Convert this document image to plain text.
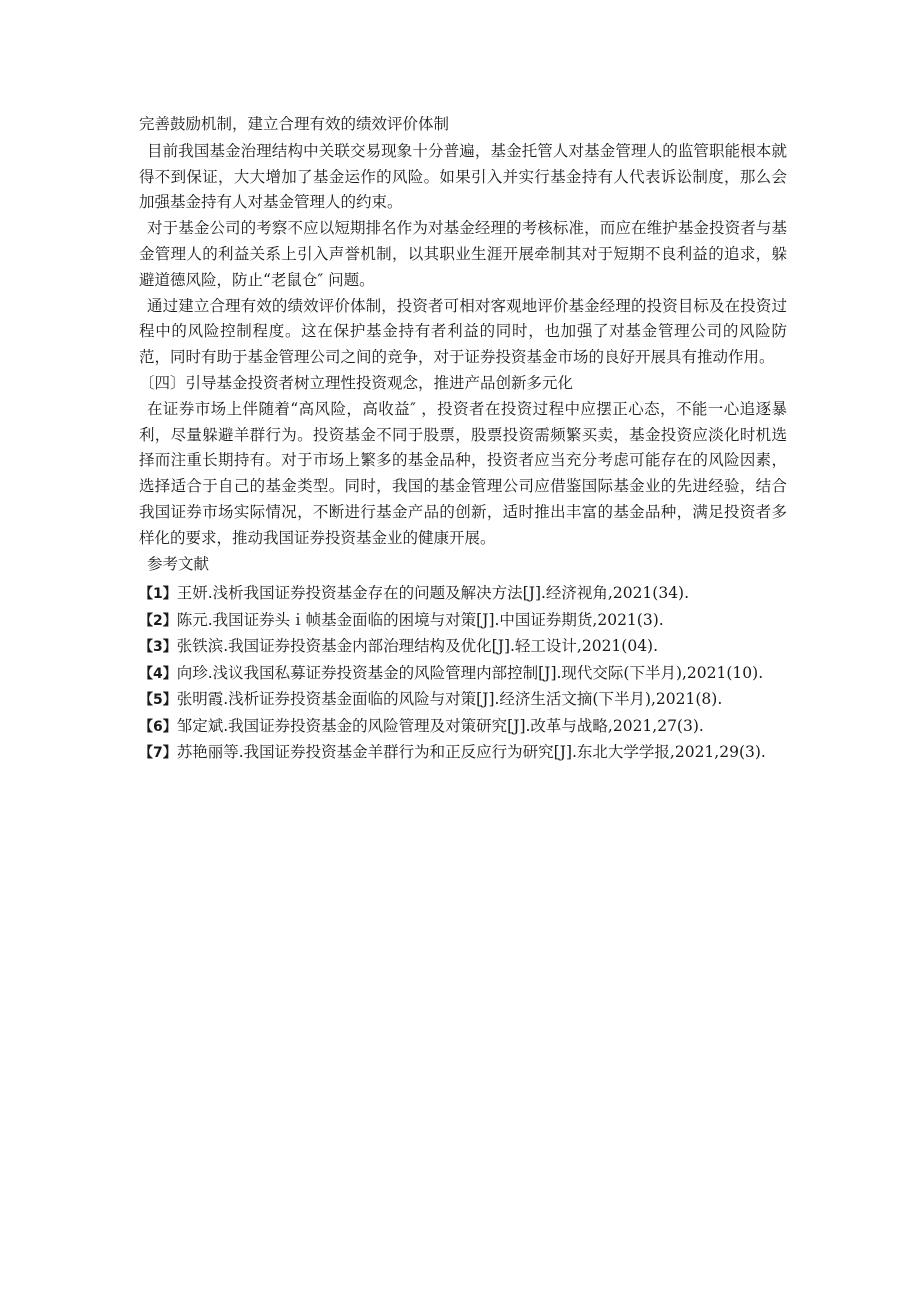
完善鼓励机制，建立合理有效的绩效评价体制

目前我国基金治理结构中关联交易现象十分普遍，基金托管人对基金管理人的监管职能根本就得不到保证，大大增加了基金运作的风险。如果引入并实行基金持有人代表诉讼制度，那么会加强基金持有人对基金管理人的约束。

对于基金公司的考察不应以短期排名作为对基金经理的考核标准，而应在维护基金投资者与基金管理人的利益关系上引入声誉机制，以其职业生涯开展牵制其对于短期不良利益的追求，躲避道德风险，防止“老鼠仓″ 问题。

通过建立合理有效的绩效评价体制，投资者可相对客观地评价基金经理的投资目标及在投资过程中的风险控制程度。这在保护基金持有者利益的同时，也加强了对基金管理公司的风险防范，同时有助于基金管理公司之间的竞争，对于证券投资基金市场的良好开展具有推动作用。

〔四〕引导基金投资者树立理性投资观念，推进产品创新多元化

在证券市场上伴随着“高风险，高收益″ ，投资者在投资过程中应摆正心态，不能一心追逐暴利，尽量躲避羊群行为。投资基金不同于股票，股票投资需频繁买卖，基金投资应淡化时机选择而注重长期持有。对于市场上繁多的基金品种，投资者应当充分考虑可能存在的风险因素，选择适合于自己的基金类型。同时，我国的基金管理公司应借鉴国际基金业的先进经验，结合我国证券市场实际情况，不断进行基金产品的创新，适时推出丰富的基金品种，满足投资者多样化的要求，推动我国证券投资基金业的健康开展。

参考文献

【1】王妍.浅析我国证券投资基金存在的问题及解决方法[J].经济视角,2021(34).

【2】陈元.我国证券头ｉ帧基金面临的困境与对策[J].中国证券期货,2021(3).

【3】张铁滨.我国证券投资基金内部治理结构及优化[J].轻工设计,2021(04).

【4】向珍.浅议我国私募证券投资基金的风险管理内部控制[J].现代交际(下半月),2021(10).

【5】张明霞.浅析证券投资基金面临的风险与对策[J].经济生活文摘(下半月),2021(8).

【6】邹定斌.我国证券投资基金的风险管理及对策研究[J].改革与战略,2021,27(3).

【7】苏艳丽等.我国证券投资基金羊群行为和正反应行为研究[J].东北大学学报,2021,29(3).
